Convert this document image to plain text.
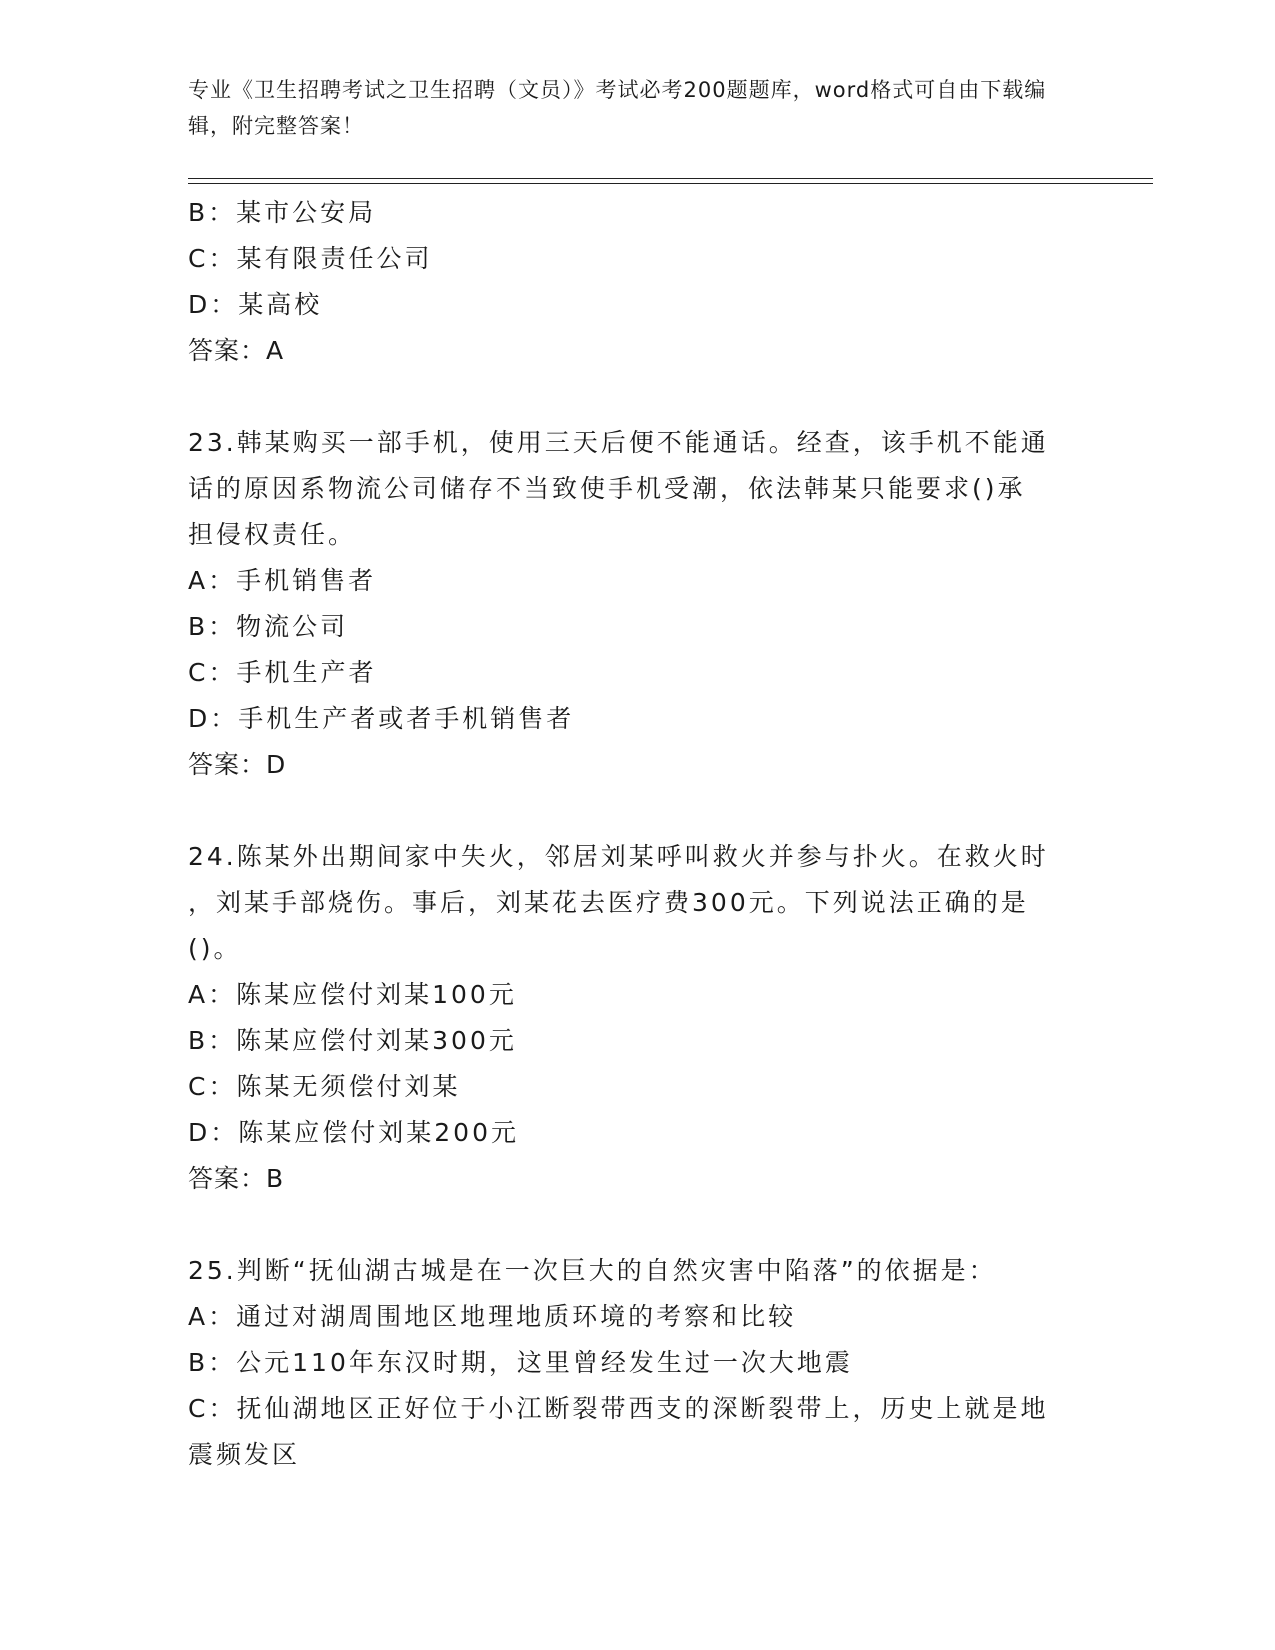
专业《卫生招聘考试之卫生招聘（文员）》考试必考200题题库，word格式可自由下载编辑，附完整答案！
B：某市公安局
C：某有限责任公司
D：某高校
答案：A
23.韩某购买一部手机，使用三天后便不能通话。经查，该手机不能通
话的原因系物流公司储存不当致使手机受潮，依法韩某只能要求()承
担侵权责任。
A：手机销售者
B：物流公司
C：手机生产者
D：手机生产者或者手机销售者
答案：D
24.陈某外出期间家中失火，邻居刘某呼叫救火并参与扑火。在救火时
，刘某手部烧伤。事后，刘某花去医疗费300元。下列说法正确的是
()。
A：陈某应偿付刘某100元
B：陈某应偿付刘某300元
C：陈某无须偿付刘某
D：陈某应偿付刘某200元
答案：B
25.判断“抚仙湖古城是在一次巨大的自然灾害中陷落”的依据是：
A：通过对湖周围地区地理地质环境的考察和比较
B：公元110年东汉时期，这里曾经发生过一次大地震
C：抚仙湖地区正好位于小江断裂带西支的深断裂带上，历史上就是地
震频发区
